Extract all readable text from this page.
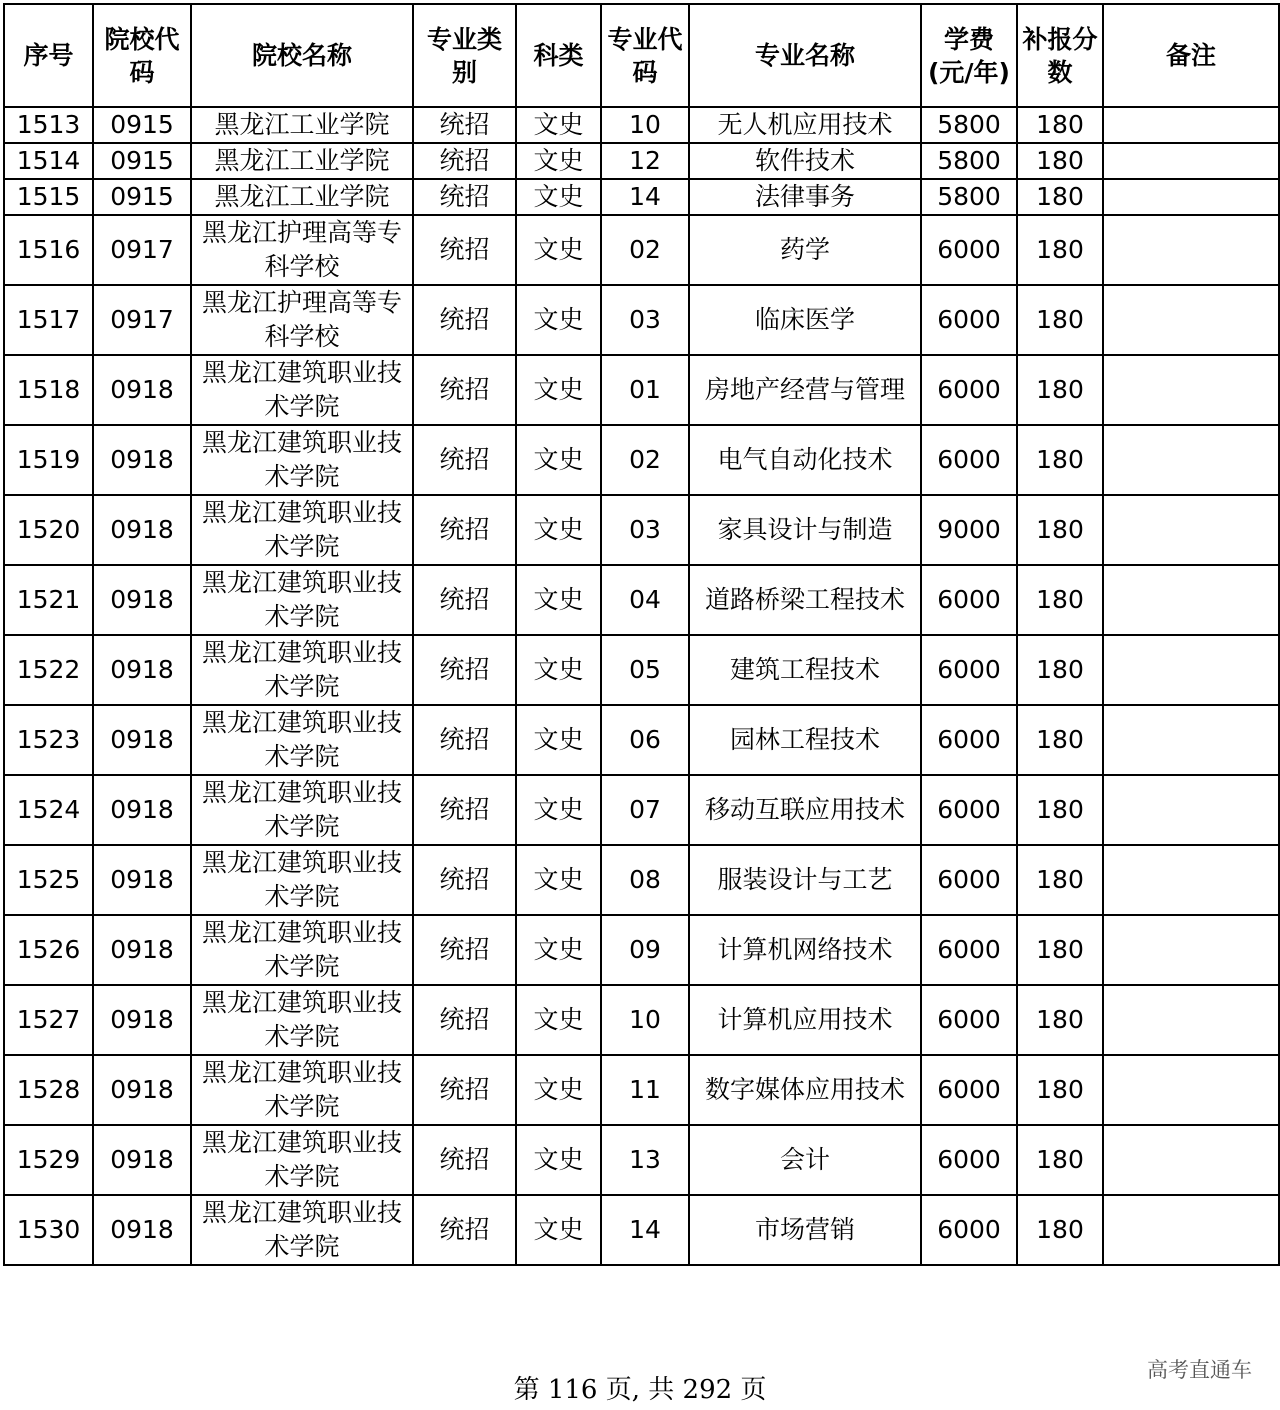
序号	院校代码	院校名称	专业类别	科类	专业代码	专业名称	学费(元/年)	补报分数	备注
1513	0915	黑龙江工业学院	统招	文史	10	无人机应用技术	5800	180	
1514	0915	黑龙江工业学院	统招	文史	12	软件技术	5800	180	
1515	0915	黑龙江工业学院	统招	文史	14	法律事务	5800	180	
1516	0917	黑龙江护理高等专科学校	统招	文史	02	药学	6000	180	
1517	0917	黑龙江护理高等专科学校	统招	文史	03	临床医学	6000	180	
1518	0918	黑龙江建筑职业技术学院	统招	文史	01	房地产经营与管理	6000	180	
1519	0918	黑龙江建筑职业技术学院	统招	文史	02	电气自动化技术	6000	180	
1520	0918	黑龙江建筑职业技术学院	统招	文史	03	家具设计与制造	9000	180	
1521	0918	黑龙江建筑职业技术学院	统招	文史	04	道路桥梁工程技术	6000	180	
1522	0918	黑龙江建筑职业技术学院	统招	文史	05	建筑工程技术	6000	180	
1523	0918	黑龙江建筑职业技术学院	统招	文史	06	园林工程技术	6000	180	
1524	0918	黑龙江建筑职业技术学院	统招	文史	07	移动互联应用技术	6000	180	
1525	0918	黑龙江建筑职业技术学院	统招	文史	08	服装设计与工艺	6000	180	
1526	0918	黑龙江建筑职业技术学院	统招	文史	09	计算机网络技术	6000	180	
1527	0918	黑龙江建筑职业技术学院	统招	文史	10	计算机应用技术	6000	180	
1528	0918	黑龙江建筑职业技术学院	统招	文史	11	数字媒体应用技术	6000	180	
1529	0918	黑龙江建筑职业技术学院	统招	文史	13	会计	6000	180	
1530	0918	黑龙江建筑职业技术学院	统招	文史	14	市场营销	6000	180	
第 116 页, 共 292 页
高考直通车
